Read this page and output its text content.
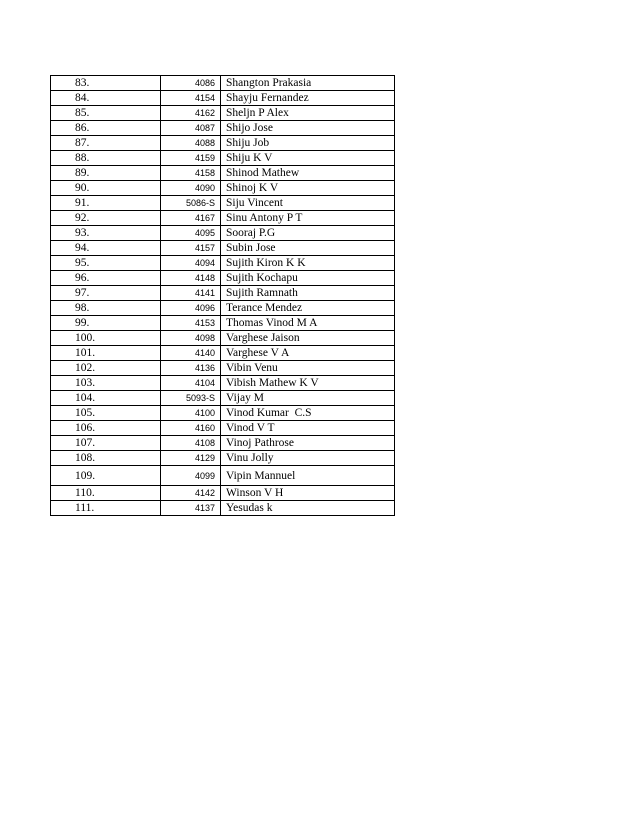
83.	4086	Shangton Prakasia
84.	4154	Shayju Fernandez
85.	4162	Sheljn P Alex
86.	4087	Shijo Jose
87.	4088	Shiju Job
88.	4159	Shiju K V
89.	4158	Shinod Mathew
90.	4090	Shinoj K V
91.	5086-S	Siju Vincent
92.	4167	Sinu Antony P T
93.	4095	Sooraj P.G
94.	4157	Subin Jose
95.	4094	Sujith Kiron K K
96.	4148	Sujith Kochapu
97.	4141	Sujith Ramnath
98.	4096	Terance Mendez
99.	4153	Thomas Vinod M A
100.	4098	Varghese Jaison
101.	4140	Varghese V A
102.	4136	Vibin Venu
103.	4104	Vibish Mathew K V
104.	5093-S	Vijay M
105.	4100	Vinod Kumar  C.S
106.	4160	Vinod V T
107.	4108	Vinoj Pathrose
108.	4129	Vinu Jolly
109.	4099	Vipin Mannuel
110.	4142	Winson V H
111.	4137	Yesudas k
